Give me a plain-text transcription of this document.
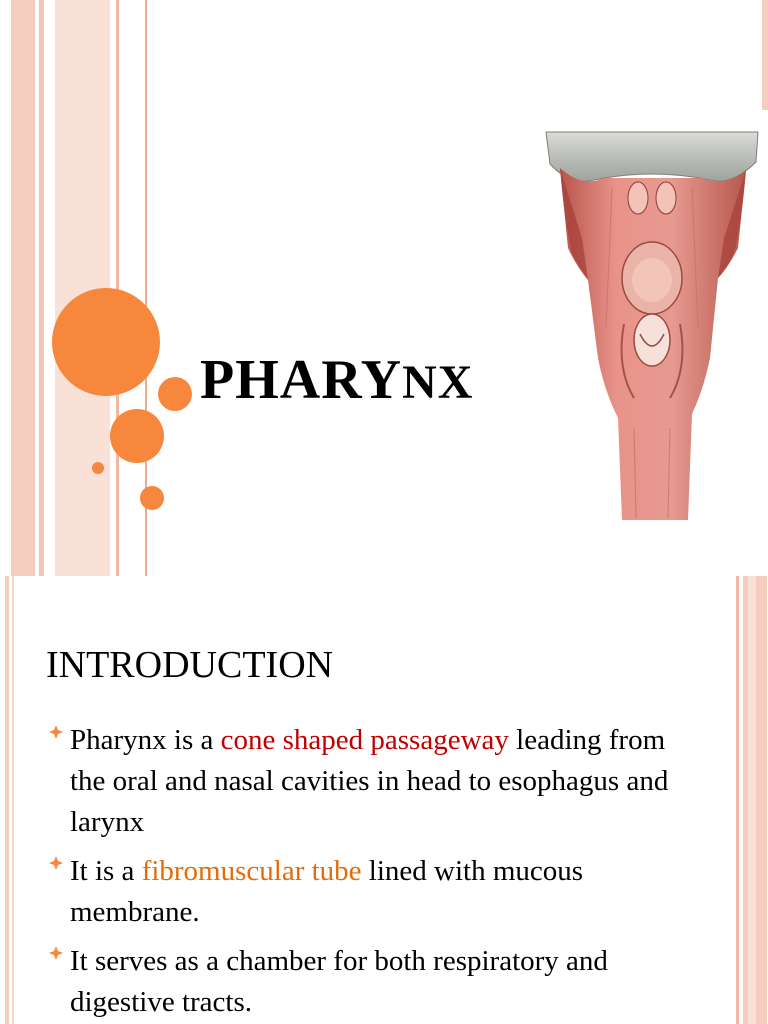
PHARYNX
INTRODUCTION
Pharynx is a cone shaped passageway leading from the oral and nasal cavities in head to esophagus and larynx
It is a fibromuscular tube lined with mucous membrane.
It serves as a chamber for both respiratory and digestive tracts.
